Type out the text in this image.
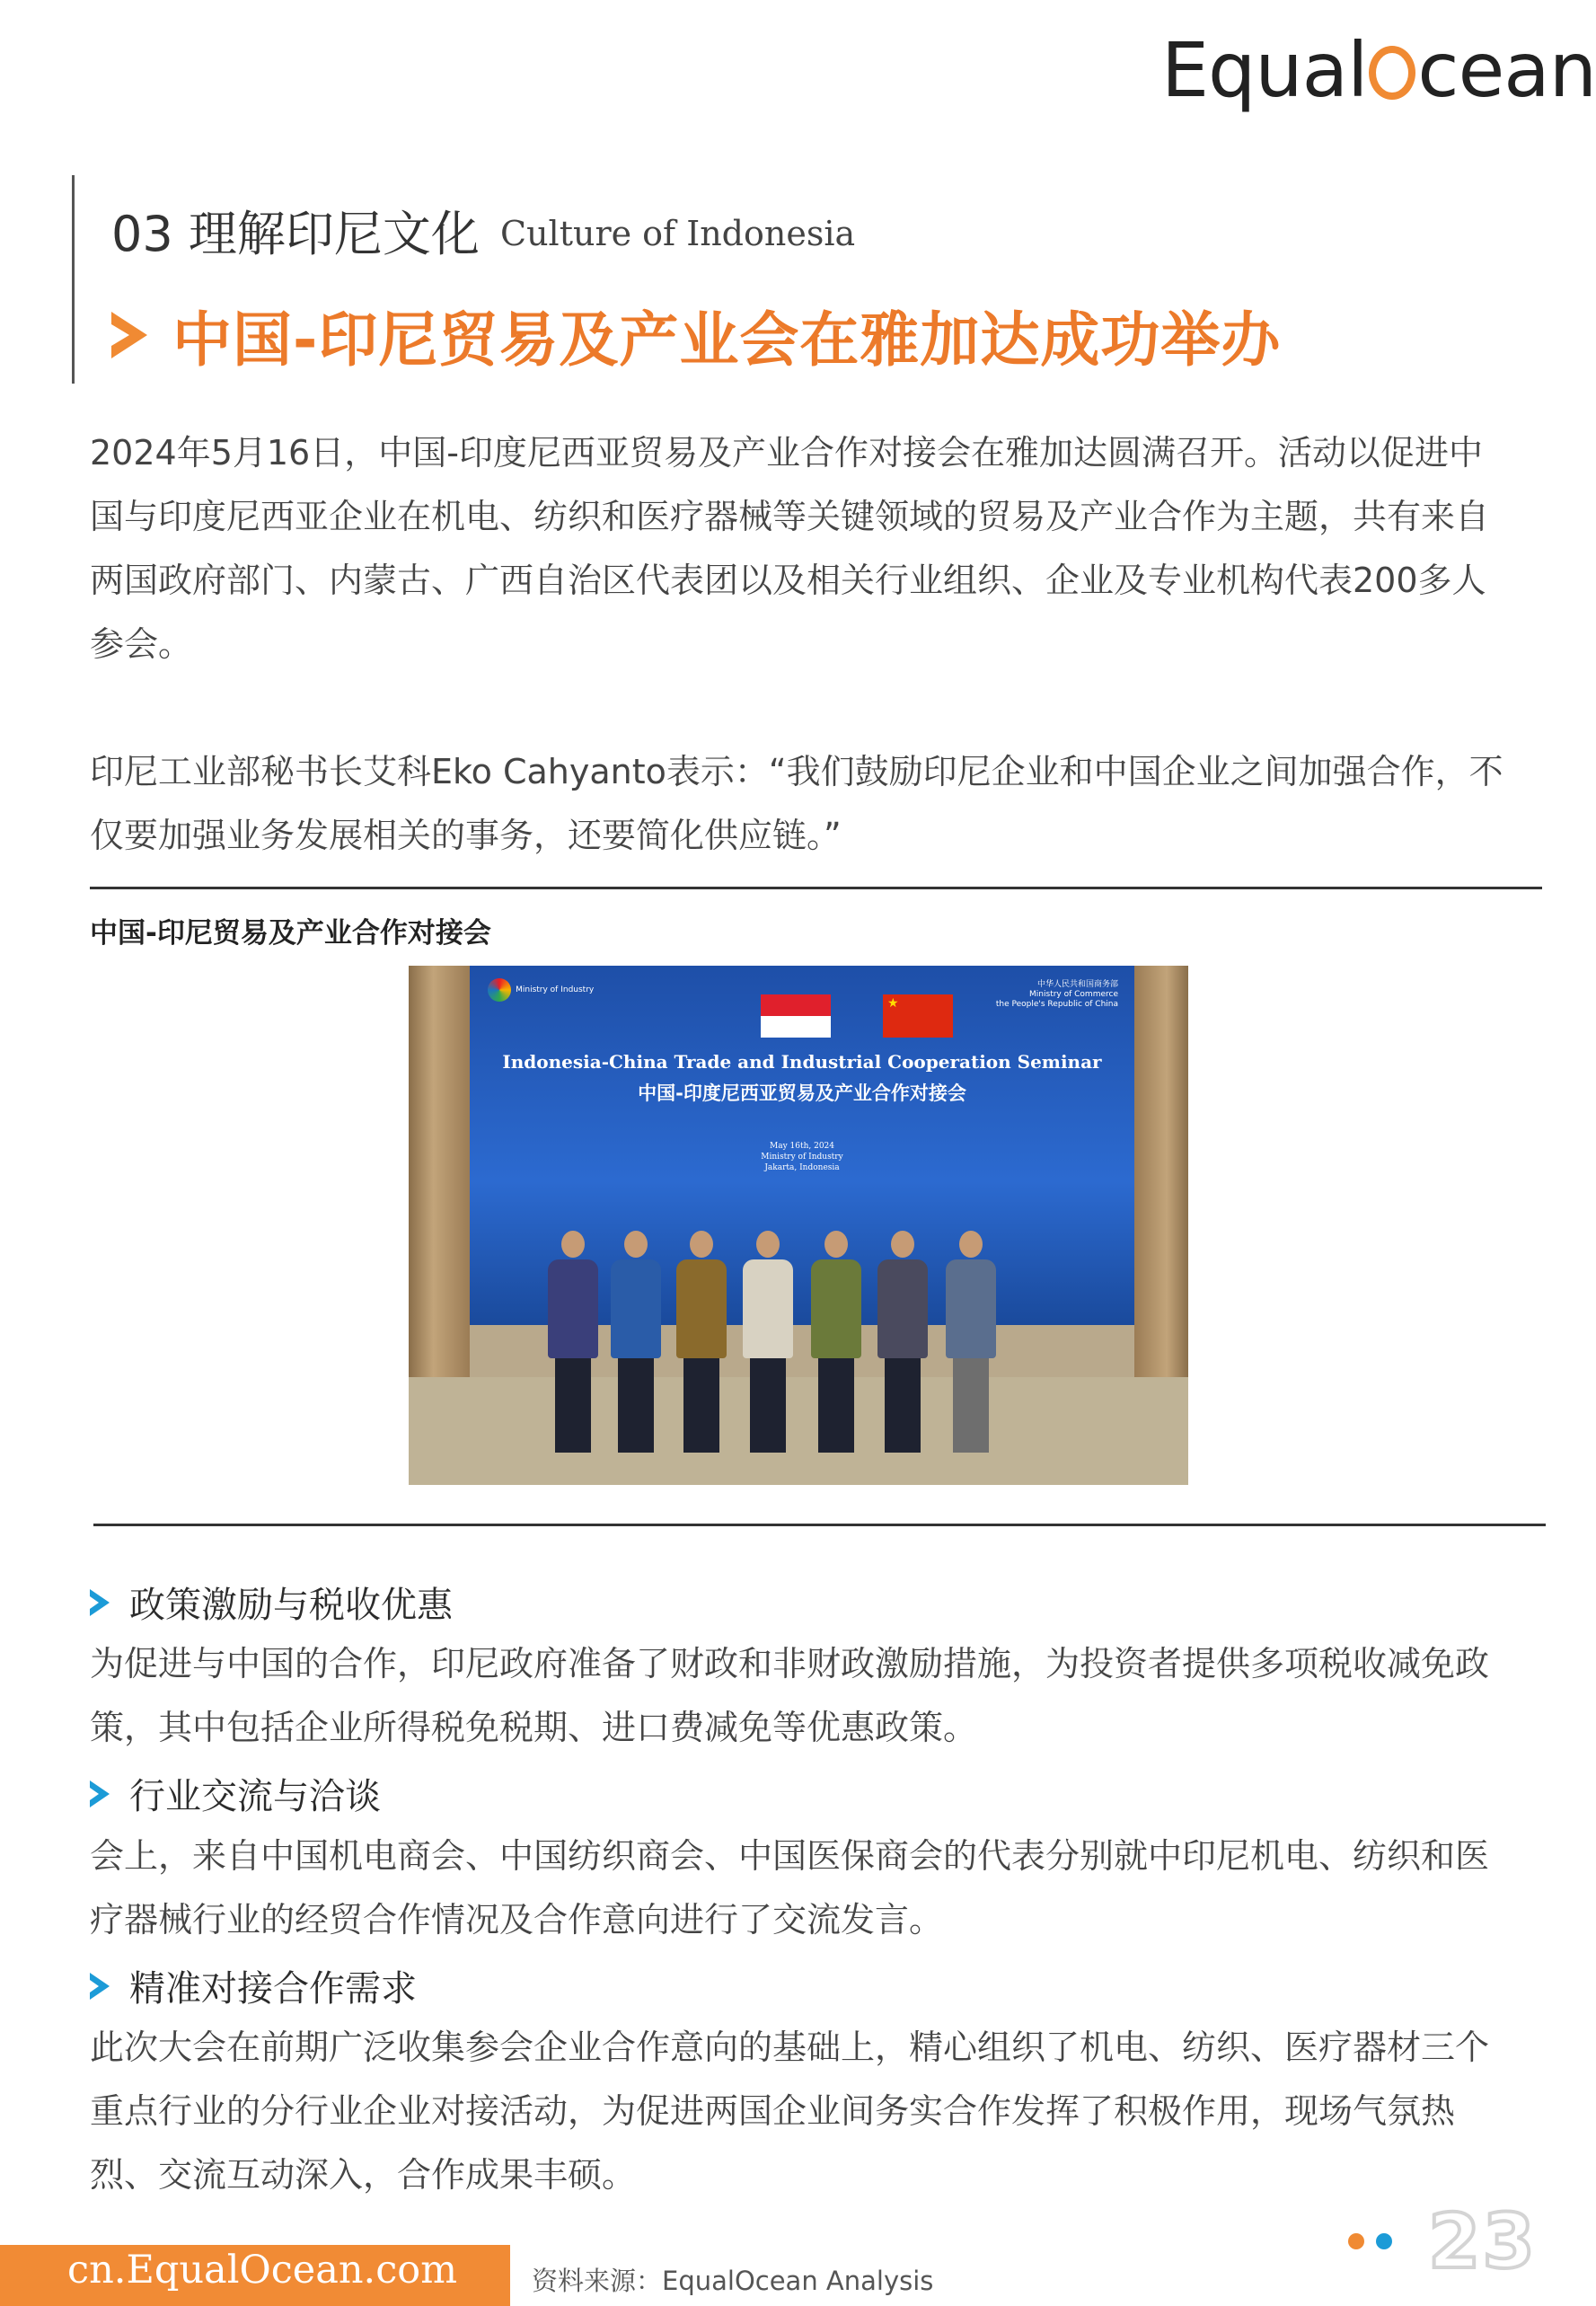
Equal cean
03 理解印尼文化 Culture of Indonesia
中国-印尼贸易及产业会在雅加达成功举办
2024年5月16日，中国-印度尼西亚贸易及产业合作对接会在雅加达圆满召开。活动以促进中国与印度尼西亚企业在机电、纺织和医疗器械等关键领域的贸易及产业合作为主题，共有来自两国政府部门、内蒙古、广西自治区代表团以及相关行业组织、企业及专业机构代表200多人参会。
印尼工业部秘书长艾科Eko Cahyanto表示：“我们鼓励印尼企业和中国企业之间加强合作，不仅要加强业务发展相关的事务，还要简化供应链。”
中国-印尼贸易及产业合作对接会
Ministry of Industry
中华人民共和国商务部
Ministry of Commerce
the People's Republic of China
★
Indonesia-China Trade and Industrial Cooperation Seminar
中国-印度尼西亚贸易及产业合作对接会
May 16th, 2024
Ministry of Industry
Jakarta, Indonesia
政策激励与税收优惠
为促进与中国的合作，印尼政府准备了财政和非财政激励措施，为投资者提供多项税收减免政策，其中包括企业所得税免税期、进口费减免等优惠政策。
行业交流与洽谈
会上，来自中国机电商会、中国纺织商会、中国医保商会的代表分别就中印尼机电、纺织和医疗器械行业的经贸合作情况及合作意向进行了交流发言。
精准对接合作需求
此次大会在前期广泛收集参会企业合作意向的基础上，精心组织了机电、纺织、医疗器材三个重点行业的分行业企业对接活动，为促进两国企业间务实合作发挥了积极作用，现场气氛热烈、交流互动深入，合作成果丰硕。
cn.EqualOcean.com	资料来源：EqualOcean Analysis	23
